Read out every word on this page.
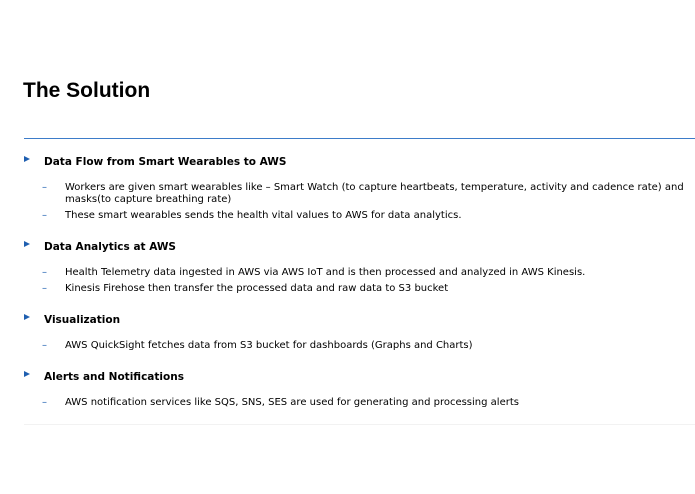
The Solution
Data Flow from Smart Wearables to AWS
– Workers are given smart wearables like – Smart Watch (to capture heartbeats, temperature, activity and cadence rate) and masks(to capture breathing rate)
– These smart wearables sends the health vital values to AWS for data analytics.
Data Analytics at AWS
– Health Telemetry data ingested in AWS via AWS IoT and is then processed and analyzed in AWS Kinesis.
– Kinesis Firehose then transfer the processed data and raw data to S3 bucket
Visualization
– AWS QuickSight fetches data from S3 bucket for dashboards (Graphs and Charts)
Alerts and Notifications
– AWS notification services like SQS, SNS, SES are used for generating and processing alerts
